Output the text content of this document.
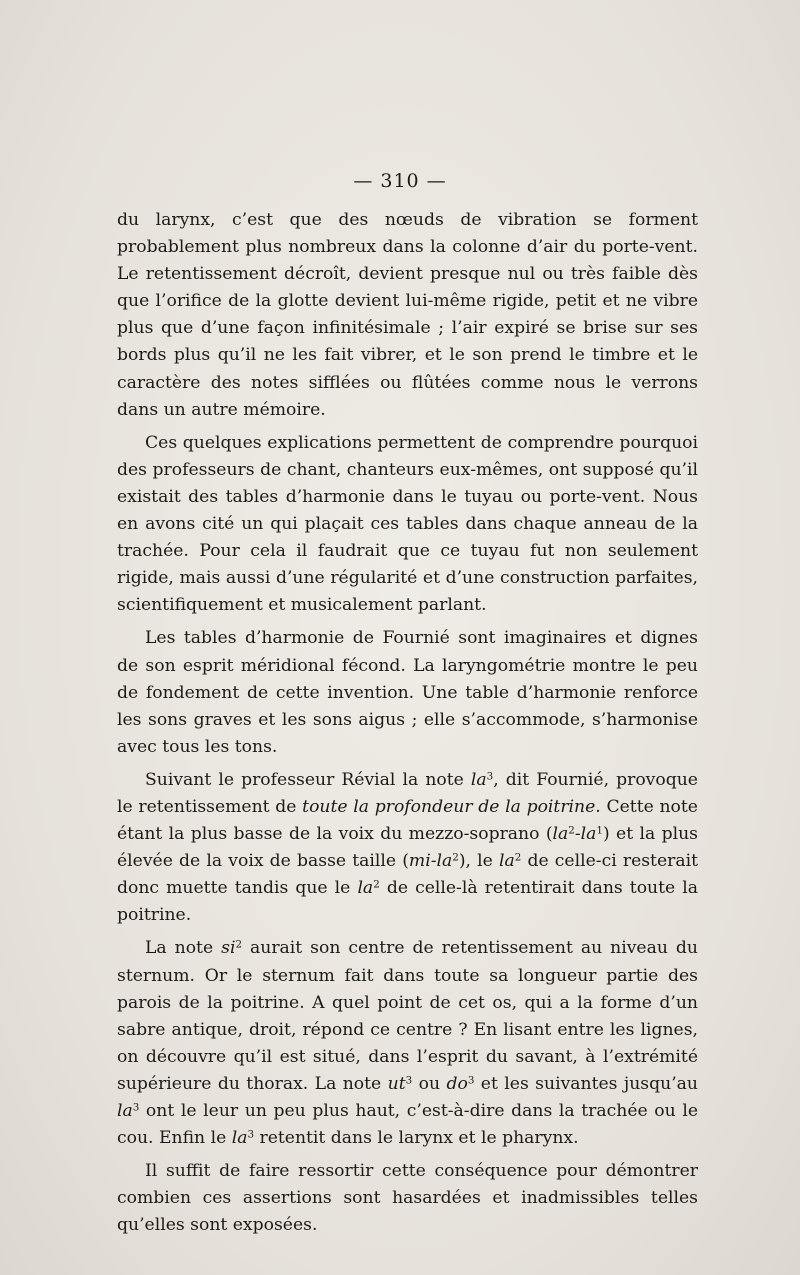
— 310 —

du larynx, c’est que des nœuds de vibration se forment probablement plus nombreux dans la colonne d’air du porte-vent. Le retentissement décroît, devient presque nul ou très faible dès que l’orifice de la glotte devient lui-même rigide, petit et ne vibre plus que d’une façon infinitésimale ; l’air expiré se brise sur ses bords plus qu’il ne les fait vibrer, et le son prend le timbre et le caractère des notes sifflées ou flûtées comme nous le verrons dans un autre mémoire.

Ces quelques explications permettent de comprendre pourquoi des professeurs de chant, chanteurs eux-mêmes, ont supposé qu’il existait des tables d’harmonie dans le tuyau ou porte-vent. Nous en avons cité un qui plaçait ces tables dans chaque anneau de la trachée. Pour cela il faudrait que ce tuyau fut non seulement rigide, mais aussi d’une régularité et d’une construction parfaites, scientifiquement et musicalement parlant.

Les tables d’harmonie de Fournié sont imaginaires et dignes de son esprit méridional fécond. La laryngométrie montre le peu de fondement de cette invention. Une table d’harmonie renforce les sons graves et les sons aigus ; elle s’accommode, s’harmonise avec tous les tons.

Suivant le professeur Révial la note $la^3$, dit Fournié, provoque le retentissement de toute la profondeur de la poitrine. Cette note étant la plus basse de la voix du mezzo-soprano $(la^2-la^1)$ et la plus élevée de la voix de basse taille $(mi-la^2)$, le $la^2$ de celle-ci resterait donc muette tandis que le $la^2$ de celle-là retentirait dans toute la poitrine.

La note $si^2$ aurait son centre de retentissement au niveau du sternum. Or le sternum fait dans toute sa longueur partie des parois de la poitrine. A quel point de cet os, qui a la forme d’un sabre antique, droit, répond ce centre ? En lisant entre les lignes, on découvre qu’il est situé, dans l’esprit du savant, à l’extrémité supérieure du thorax. La note $ut^3$ ou $do^3$ et les suivantes jusqu’au $la^3$ ont le leur un peu plus haut, c’est-à-dire dans la trachée ou le cou. Enfin le $la^3$ retentit dans le larynx et le pharynx.

Il suffit de faire ressortir cette conséquence pour démontrer combien ces assertions sont hasardées et inadmissibles telles qu’elles sont exposées.
